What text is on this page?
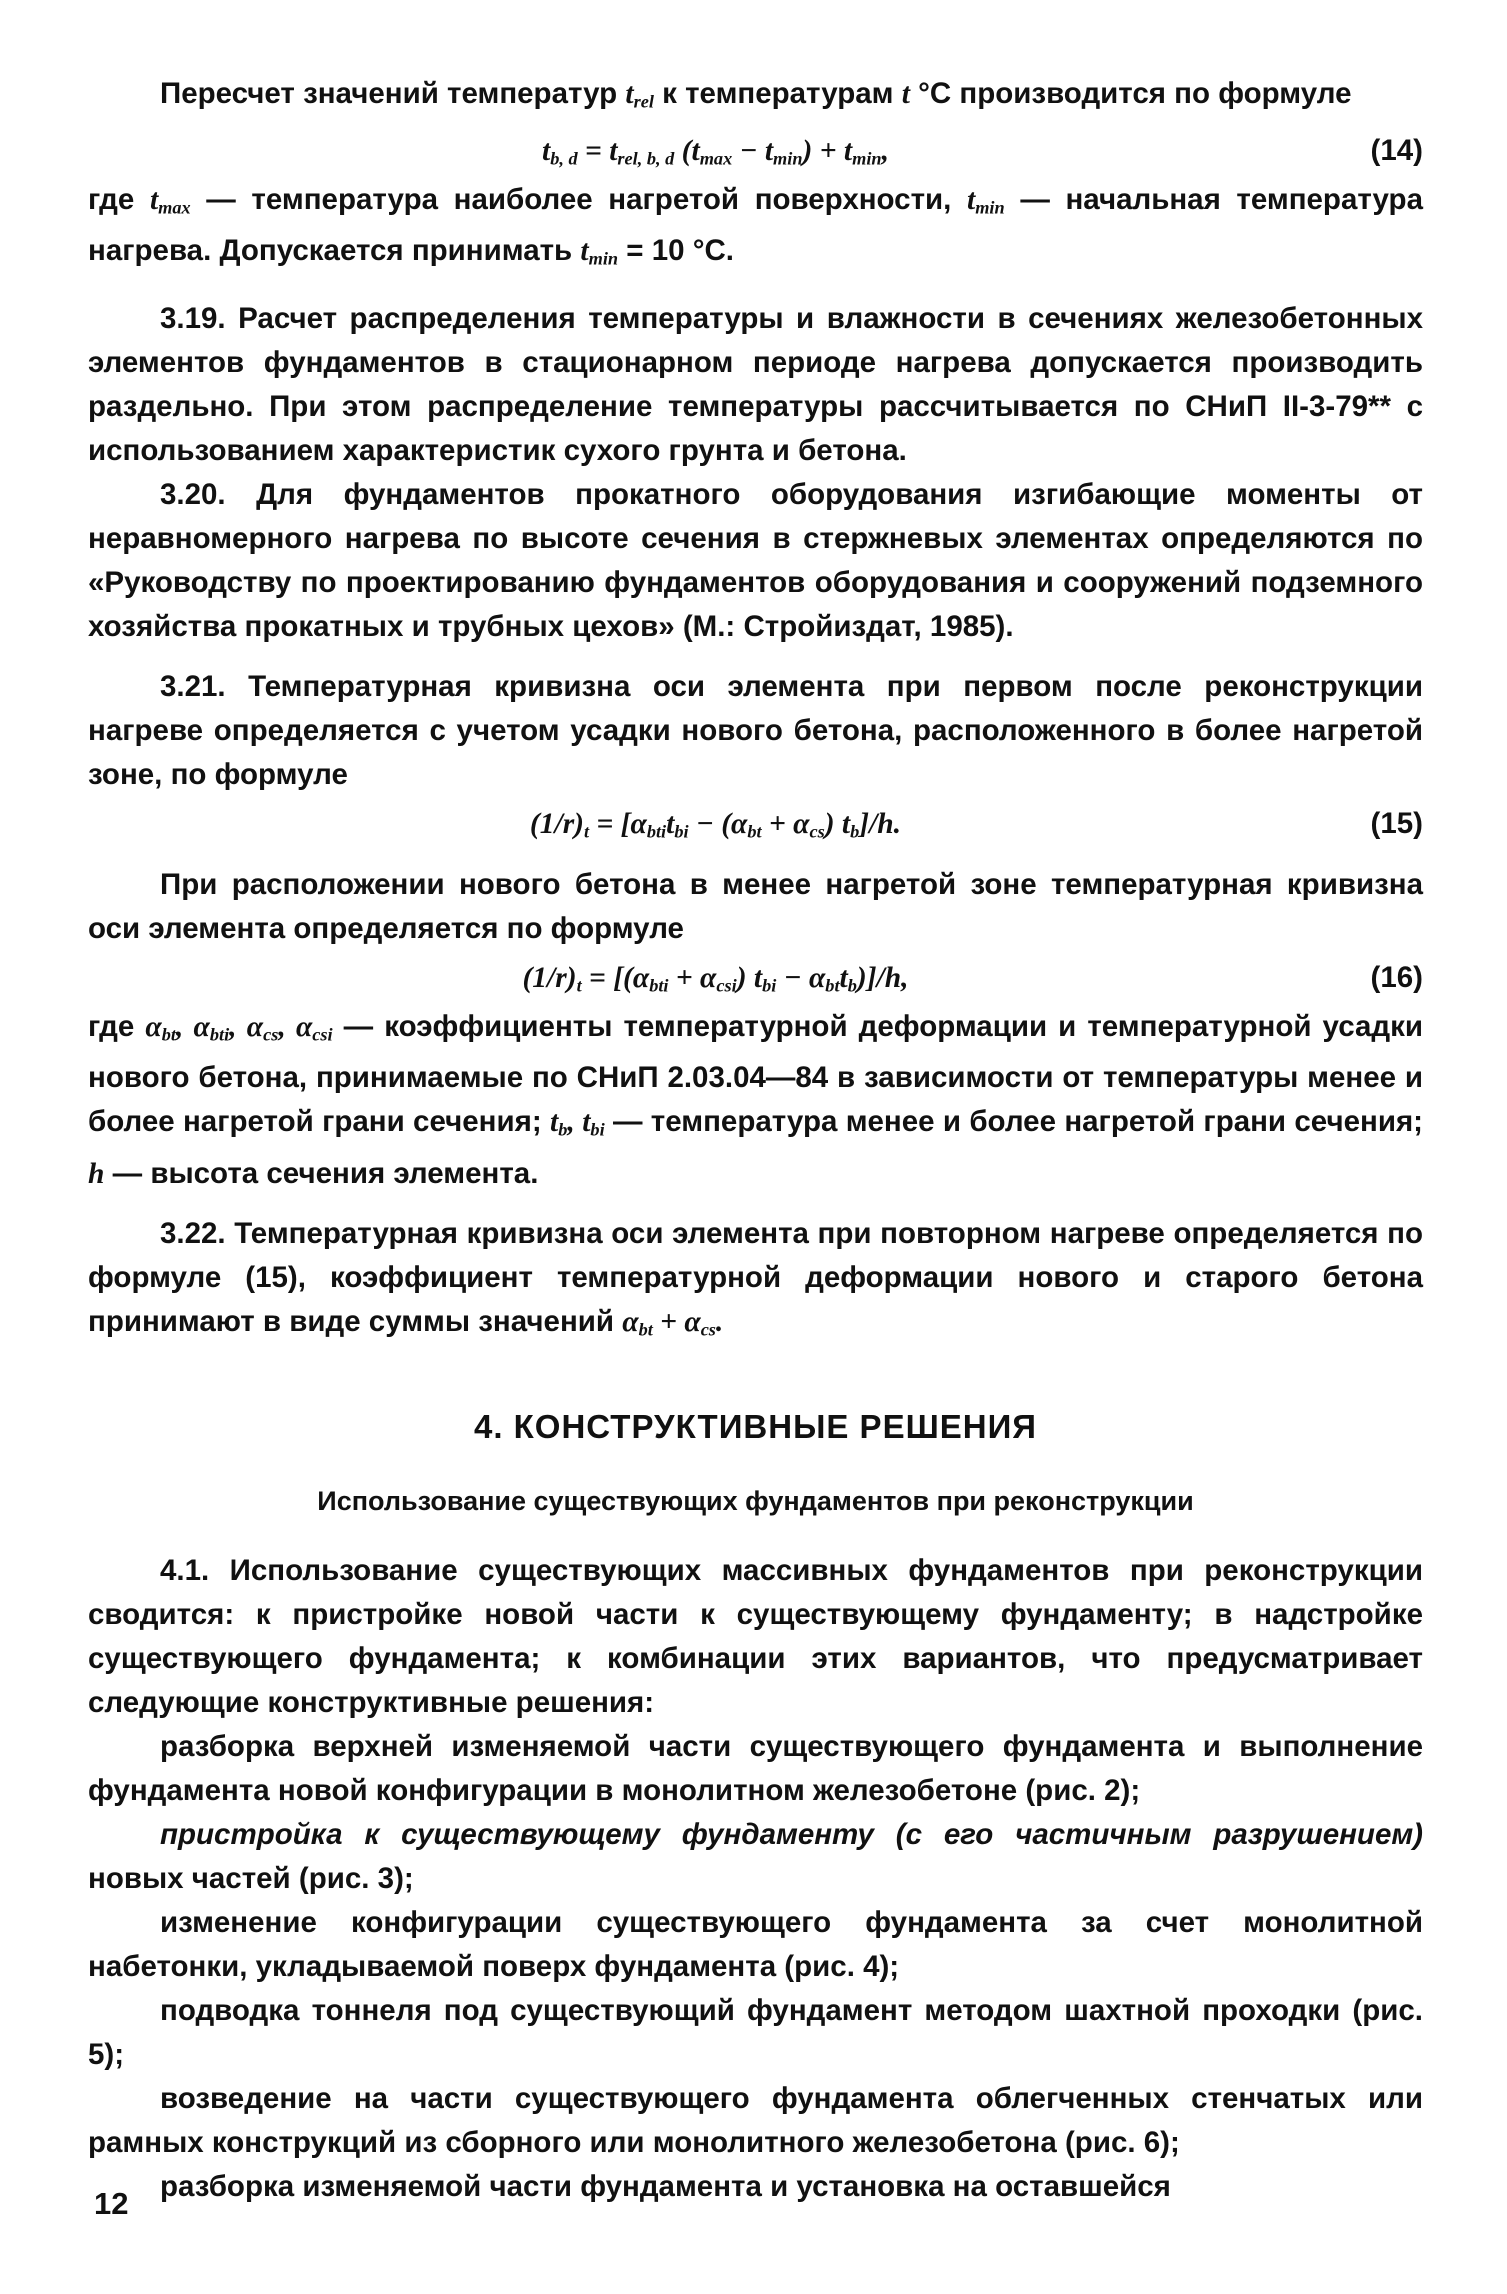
Пересчет значений температур $t_{rel}$ к температурам t °С производится по формуле

$t_{b, d} = t_{rel, b, d}$ $(t_{max} - t_{min}) + t_{min}$,	(14)

где $t_{max}$ — температура наиболее нагретой поверхности, $t_{min}$ — начальная температура нагрева. Допускается принимать $t_{min} = 10$ °С.

3.19. Расчет распределения температуры и влажности в сечениях железобетонных элементов фундаментов в стационарном периоде нагрева допускается производить раздельно. При этом распределение температуры рассчитывается по СНиП II-3-79** с использованием характеристик сухого грунта и бетона.

3.20. Для фундаментов прокатного оборудования изгибающие моменты от неравномерного нагрева по высоте сечения в стержневых элементах определяются по «Руководству по проектированию фундаментов оборудования и сооружений подземного хозяйства прокатных и трубных цехов» (М.: Стройиздат, 1985).

3.21. Температурная кривизна оси элемента при первом после реконструкции нагреве определяется с учетом усадки нового бетона, расположенного в более нагретой зоне, по формуле

$(1/r)_t = [\alpha_{bti}t_{bi} - (\alpha_{bt} + \alpha_{cs})$ $t_b]/h$.	(15)

При расположении нового бетона в менее нагретой зоне температурная кривизна оси элемента определяется по формуле

$(1/r)_t = [(\alpha_{bti} + \alpha_{csi}) t_{bi} - \alpha_{bt}t_b)]/h$,	(16)

где $\alpha_{bt}$, $\alpha_{bti}$, $\alpha_{cs}$, $\alpha_{csi}$ — коэффициенты температурной деформации и температурной усадки нового бетона, принимаемые по СНиП 2.03.04—84 в зависимости от температуры менее и более нагретой грани сечения; $t_b$, $t_{bi}$ — температура менее и более нагретой грани сечения; h — высота сечения элемента.

3.22. Температурная кривизна оси элемента при повторном нагреве определяется по формуле (15), коэффициент температурной деформации нового и старого бетона принимают в виде суммы значений $\alpha_{bt} + \alpha_{cs}$.

4. КОНСТРУКТИВНЫЕ РЕШЕНИЯ
Использование существующих фундаментов при реконструкции

4.1. Использование существующих массивных фундаментов при реконструкции сводится: к пристройке новой части к существующему фундаменту; в надстройке существующего фундамента; к комбинации этих вариантов, что предусматривает следующие конструктивные решения:

разборка верхней изменяемой части существующего фундамента и выполнение фундамента новой конфигурации в монолитном железобетоне (рис. 2);

пристройка к существующему фундаменту (с его частичным разрушением) новых частей (рис. 3);

изменение конфигурации существующего фундамента за счет монолитной набетонки, укладываемой поверх фундамента (рис. 4);

подводка тоннеля под существующий фундамент методом шахтной проходки (рис. 5);

возведение на части существующего фундамента облегченных стенчатых или рамных конструкций из сборного или монолитного железобетона (рис. 6);

разборка изменяемой части фундамента и установка на оставшейся

12
